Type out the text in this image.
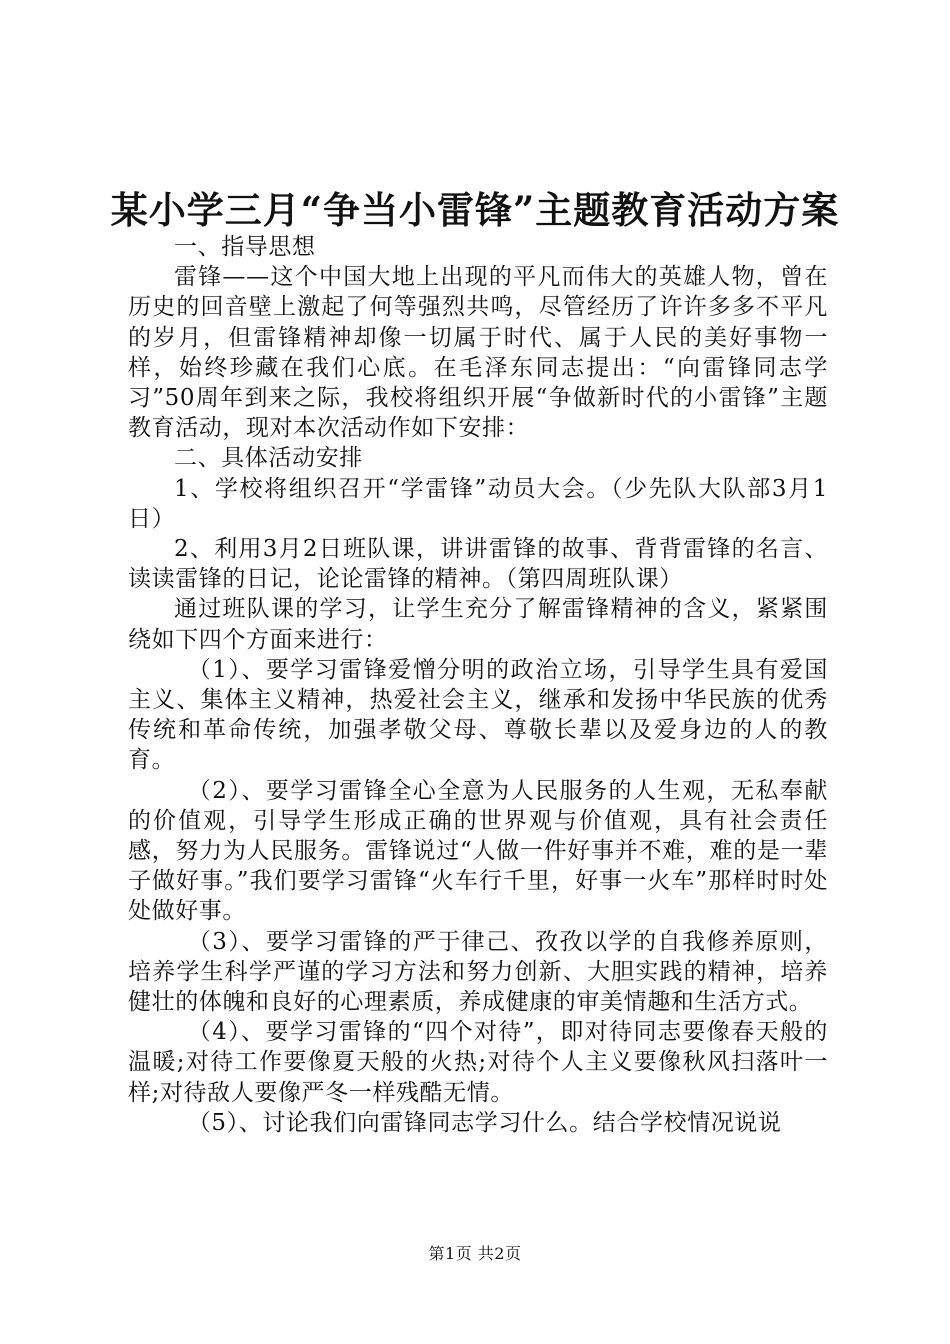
某小学三月“争当小雷锋”主题教育活动方案

一、指导思想

雷锋——这个中国大地上出现的平凡而伟大的英雄人物，曾在历史的回音壁上激起了何等强烈共鸣，尽管经历了许许多多不平凡的岁月，但雷锋精神却像一切属于时代、属于人民的美好事物一样，始终珍藏在我们心底。在毛泽东同志提出：“向雷锋同志学习”50周年到来之际，我校将组织开展“争做新时代的小雷锋”主题教育活动，现对本次活动作如下安排：

二、具体活动安排

1、学校将组织召开“学雷锋”动员大会。（少先队大队部3月1日）

2、利用3月2日班队课，讲讲雷锋的故事、背背雷锋的名言、读读雷锋的日记，论论雷锋的精神。（第四周班队课）

通过班队课的学习，让学生充分了解雷锋精神的含义，紧紧围绕如下四个方面来进行：

（1）、要学习雷锋爱憎分明的政治立场，引导学生具有爱国主义、集体主义精神，热爱社会主义，继承和发扬中华民族的优秀传统和革命传统，加强孝敬父母、尊敬长辈以及爱身边的人的教育。

（2）、要学习雷锋全心全意为人民服务的人生观，无私奉献的价值观，引导学生形成正确的世界观与价值观，具有社会责任感，努力为人民服务。雷锋说过“人做一件好事并不难，难的是一辈子做好事。”我们要学习雷锋“火车行千里，好事一火车”那样时时处处做好事。

（3）、要学习雷锋的严于律己、孜孜以学的自我修养原则，培养学生科学严谨的学习方法和努力创新、大胆实践的精神，培养健壮的体魄和良好的心理素质，养成健康的审美情趣和生活方式。

（4）、要学习雷锋的“四个对待”，即对待同志要像春天般的温暖;对待工作要像夏天般的火热;对待个人主义要像秋风扫落叶一样;对待敌人要像严冬一样残酷无情。

（5）、讨论我们向雷锋同志学习什么。结合学校情况说说

第1页 共2页
